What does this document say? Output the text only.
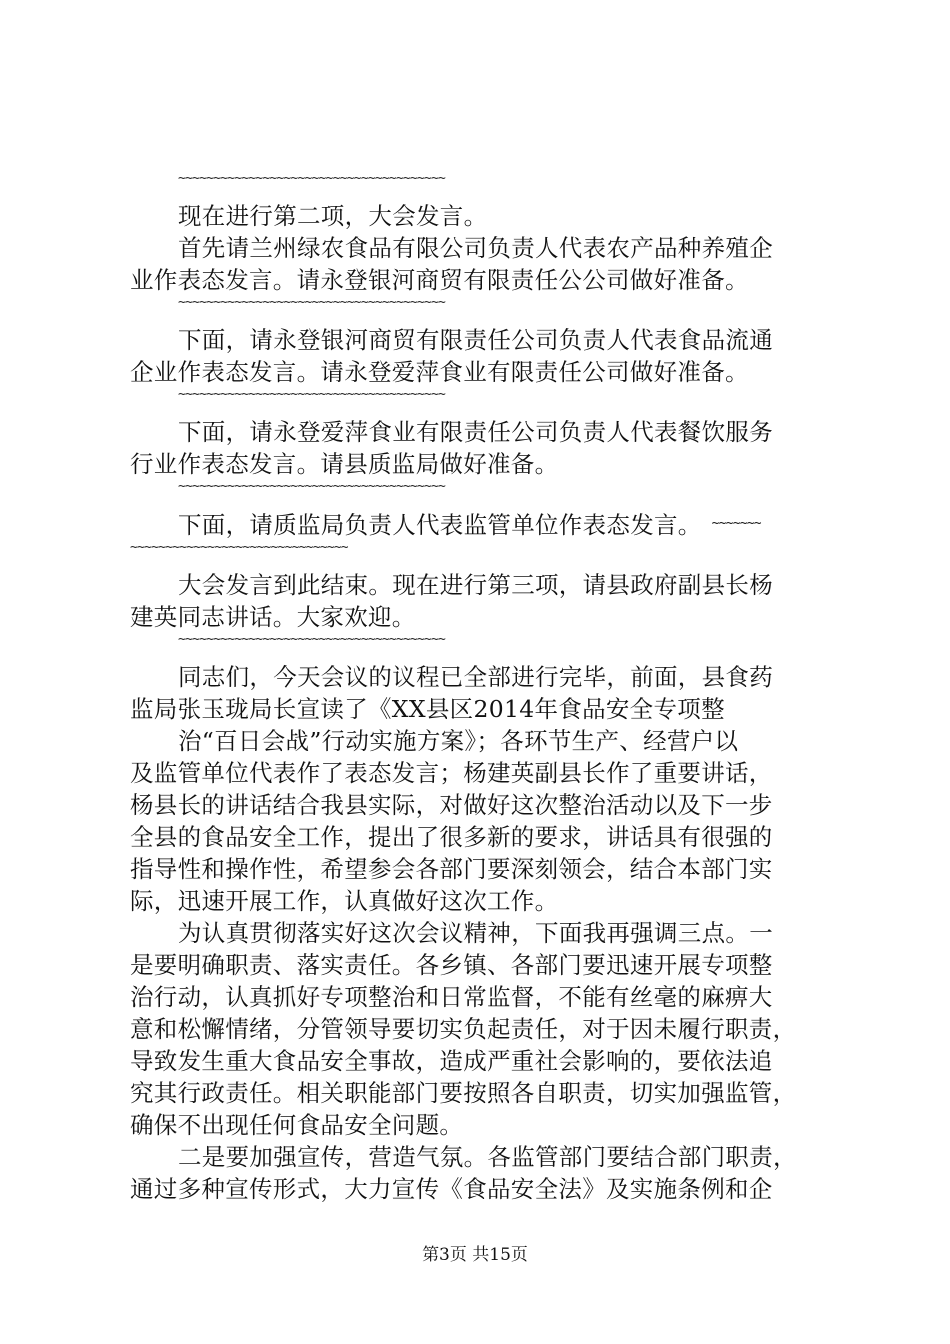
~~~~~~~~~~~~~~~~~~~~~~~~~~~~~~~~~~~~~~
现在进行第二项，大会发言。
首先请兰州绿农食品有限公司负责人代表农产品种养殖企
业作表态发言。请永登银河商贸有限责任公公司做好准备。
~~~~~~~~~~~~~~~~~~~~~~~~~~~~~~~~~~~~~~
下面，请永登银河商贸有限责任公司负责人代表食品流通
企业作表态发言。请永登爱萍食业有限责任公司做好准备。
~~~~~~~~~~~~~~~~~~~~~~~~~~~~~~~~~~~~~~
下面，请永登爱萍食业有限责任公司负责人代表餐饮服务
行业作表态发言。请县质监局做好准备。
~~~~~~~~~~~~~~~~~~~~~~~~~~~~~~~~~~~~~~
下面，请质监局负责人代表监管单位作表态发言。 ~~~~~~~
~~~~~~~~~~~~~~~~~~~~~~~~~~~~~~~
大会发言到此结束。现在进行第三项，请县政府副县长杨
建英同志讲话。大家欢迎。
~~~~~~~~~~~~~~~~~~~~~~~~~~~~~~~~~~~~~~
同志们，今天会议的议程已全部进行完毕，前面，县食药
监局张玉珑局长宣读了《XX县区2014年食品安全专项整
治“百日会战”行动实施方案》；各环节生产、经营户以
及监管单位代表作了表态发言；杨建英副县长作了重要讲话，
杨县长的讲话结合我县实际，对做好这次整治活动以及下一步
全县的食品安全工作，提出了很多新的要求，讲话具有很强的
指导性和操作性，希望参会各部门要深刻领会，结合本部门实
际，迅速开展工作，认真做好这次工作。
为认真贯彻落实好这次会议精神，下面我再强调三点。一
是要明确职责、落实责任。各乡镇、各部门要迅速开展专项整
治行动，认真抓好专项整治和日常监督，不能有丝毫的麻痹大
意和松懈情绪，分管领导要切实负起责任，对于因未履行职责，
导致发生重大食品安全事故，造成严重社会影响的，要依法追
究其行政责任。相关职能部门要按照各自职责，切实加强监管，
确保不出现任何食品安全问题。
二是要加强宣传，营造气氛。各监管部门要结合部门职责，
通过多种宣传形式，大力宣传《食品安全法》及实施条例和企
第3页 共15页
